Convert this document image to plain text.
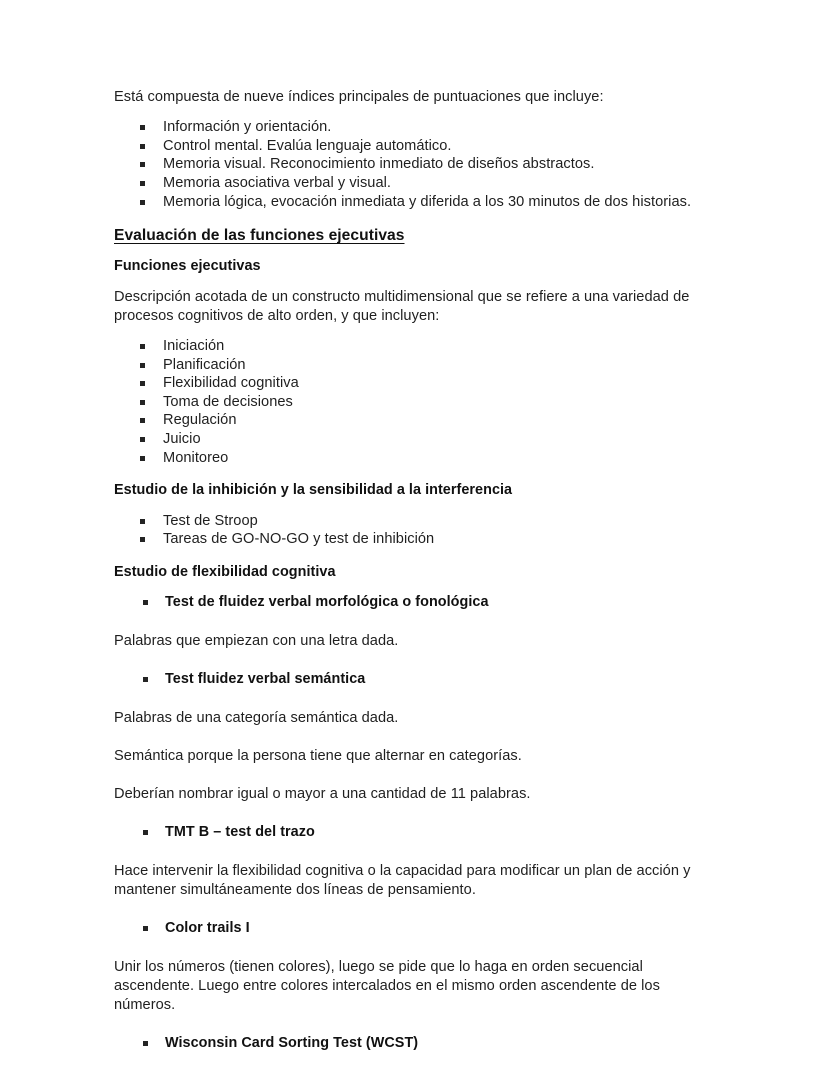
Está compuesta de nueve índices principales de puntuaciones que incluye:

Información y orientación.
Control mental. Evalúa lenguaje automático.
Memoria visual. Reconocimiento inmediato de diseños abstractos.
Memoria asociativa verbal y visual.
Memoria lógica, evocación inmediata y diferida a los 30 minutos de dos historias.
Evaluación de las funciones ejecutivas
Funciones ejecutivas

Descripción acotada de un constructo multidimensional que se refiere a una variedad de procesos cognitivos de alto orden, y que incluyen:

Iniciación
Planificación
Flexibilidad cognitiva
Toma de decisiones
Regulación
Juicio
Monitoreo
Estudio de la inhibición y la sensibilidad a la interferencia
Test de Stroop
Tareas de GO-NO-GO y test de inhibición
Estudio de flexibilidad cognitiva
Test de fluidez verbal morfológica o fonológica

Palabras que empiezan con una letra dada.

Test fluidez verbal semántica

Palabras de una categoría semántica dada.

Semántica porque la persona tiene que alternar en categorías.

Deberían nombrar igual o mayor a una cantidad de 11 palabras.

TMT B – test del trazo

Hace intervenir la flexibilidad cognitiva o la capacidad para modificar un plan de acción y mantener simultáneamente dos líneas de pensamiento.

Color trails I

Unir los números (tienen colores), luego se pide que lo haga en orden secuencial ascendente. Luego entre colores intercalados en el mismo orden ascendente de los números.

Wisconsin Card Sorting Test (WCST)
